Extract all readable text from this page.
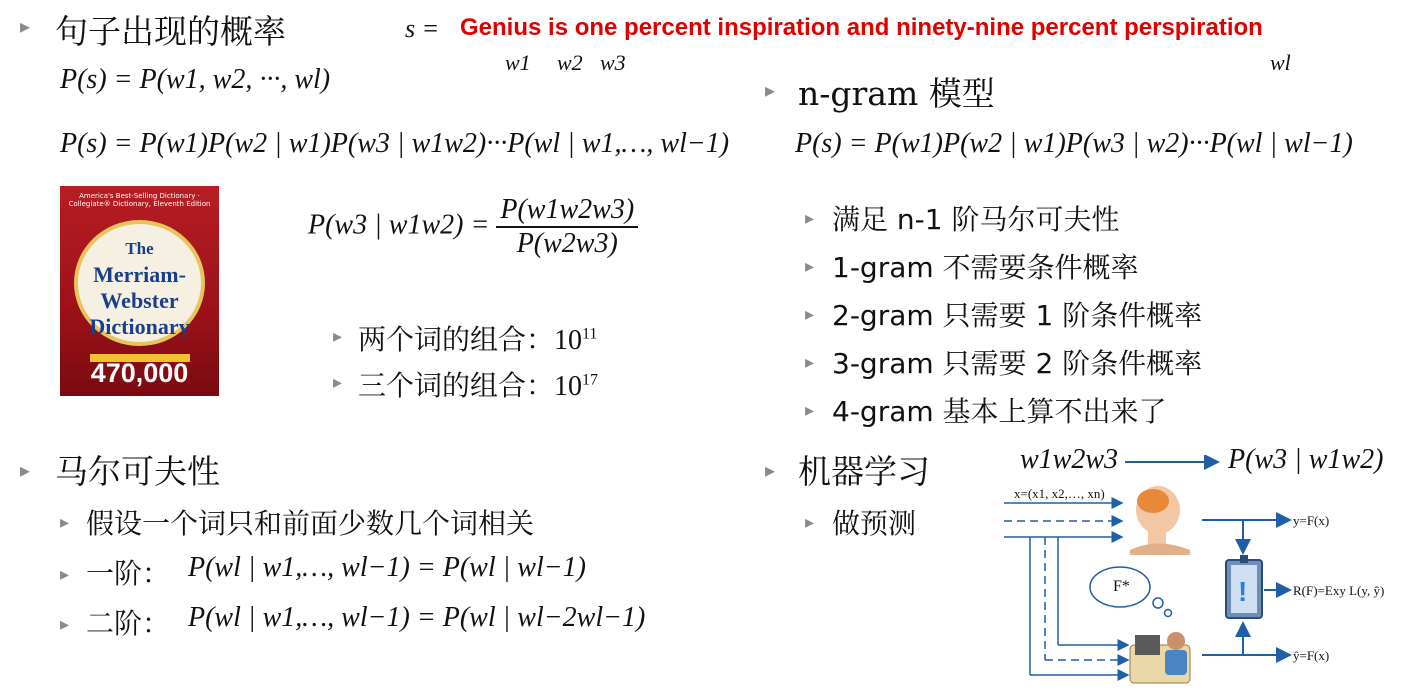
▸ 句子出现的概率	s = Genius is one percent inspiration and ninety-nine percent perspiration
w1 w2 w3	wl
P(s) = P(w1, w2, ···, wl)
P(s) = P(w1)P(w2 | w1)P(w3 | w1w2)···P(wl | w1,…, wl−1)
America's Best-Selling Dictionary · Collegiate® Dictionary, Eleventh Edition
The
Merriam-
Webster
Dictionary
470,000
P(w3 | $w1w2) = \frac{P(w1w2w3)}{P(w2w3)}$
▸ 两个词的组合：$10^{11}$
▸ 三个词的组合：$10^{17}$
▸ n-gram 模型
P(s) = P(w1)P(w2 | w1)P(w3 | w2)···P(wl | wl−1)
▸ 满足 n-1 阶马尔可夫性
▸ 1-gram 不需要条件概率
▸ 2-gram 只需要 1 阶条件概率
▸ 3-gram 只需要 2 阶条件概率
▸ 4-gram 基本上算不出来了
▸ 马尔可夫性
▸ 假设一个词只和前面少数几个词相关
▸ 一阶： P(wl | w1,…, wl−1) = P(wl | wl−1)
▸ 二阶： P(wl | w1,…, wl−1) = P(wl | wl−2wl−1)
▸ 机器学习
▸ 做预测
w1w2w3	P(w3 | w1w2)
!
x=(x1, x2,…, xn)
y=F(x)
R(F)=Exy L(y, ŷ)
ŷ=F(x)
F*
